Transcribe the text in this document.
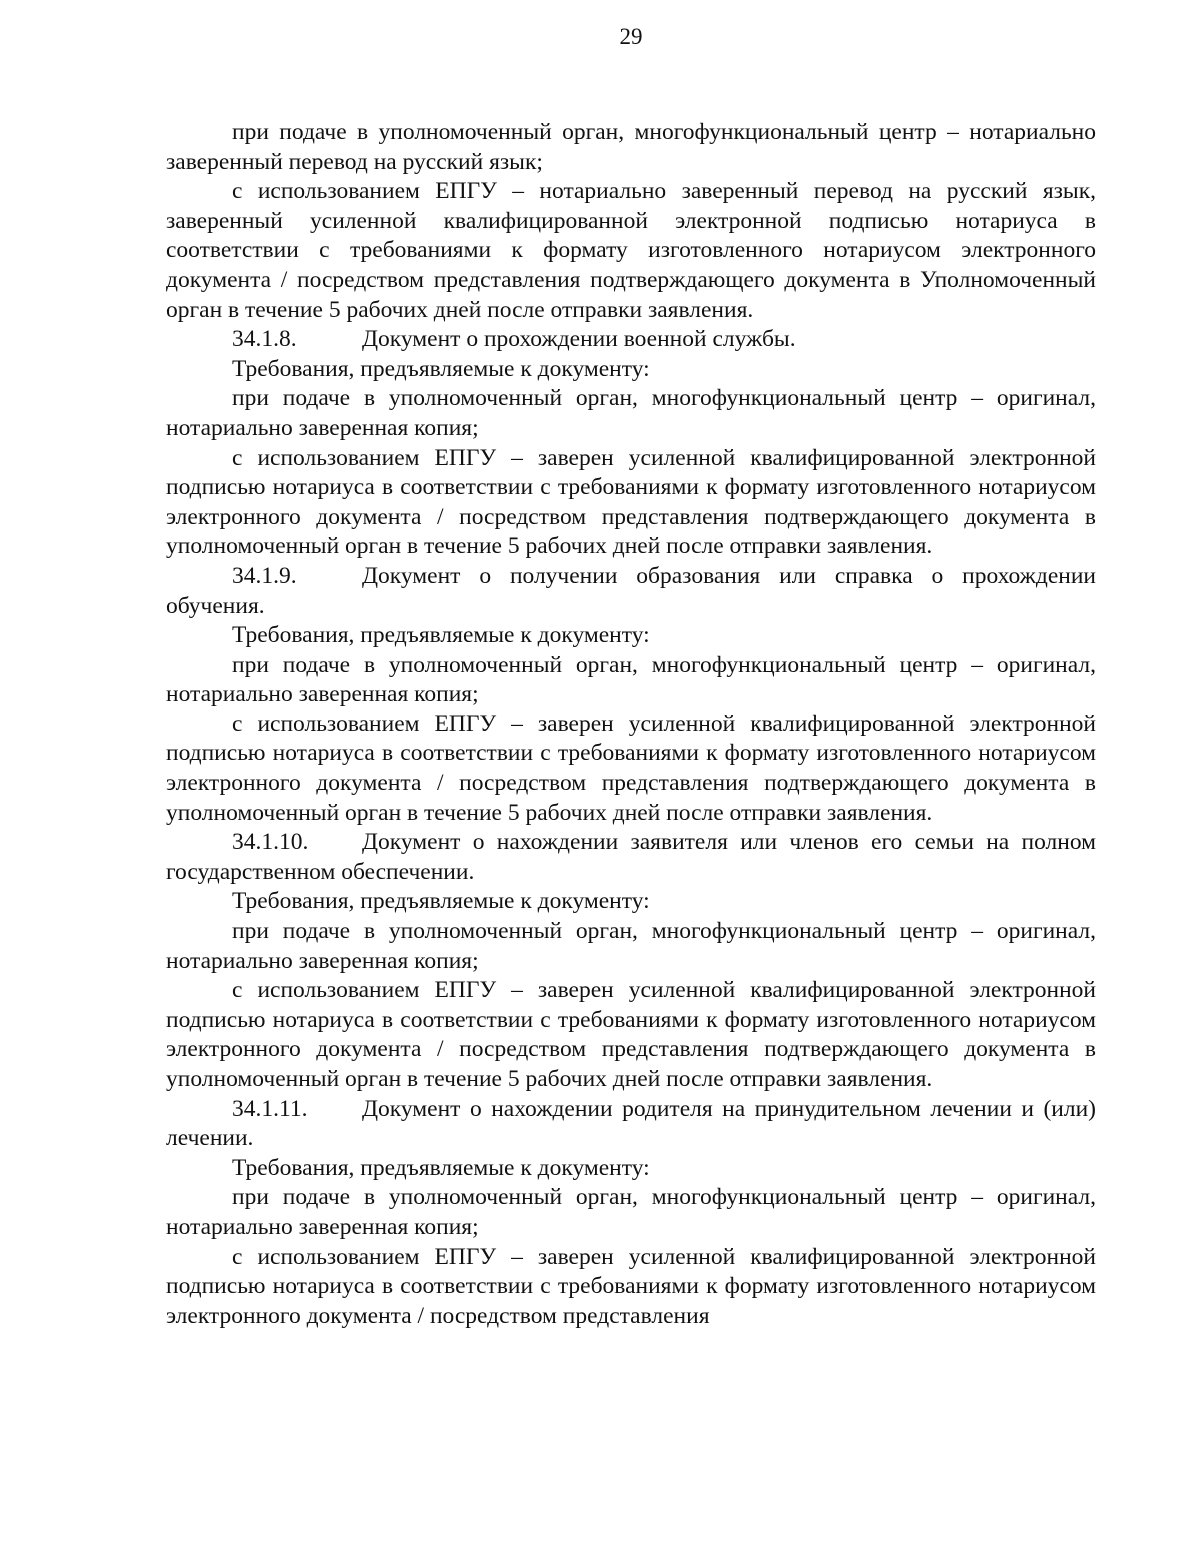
29

при подаче в уполномоченный орган, многофункциональный центр – нотариально заверенный перевод на русский язык;

с использованием ЕПГУ – нотариально заверенный перевод на русский язык, заверенный усиленной квалифицированной электронной подписью нотариуса в соответствии с требованиями к формату изготовленного нотариусом электронного документа / посредством представления подтверждающего документа в Уполномоченный орган в течение 5 рабочих дней после отправки заявления.

34.1.8.	Документ о прохождении военной службы.

Требования, предъявляемые к документу:

при подаче в уполномоченный орган, многофункциональный центр – оригинал, нотариально заверенная копия;

с использованием ЕПГУ – заверен усиленной квалифицированной электронной подписью нотариуса в соответствии с требованиями к формату изготовленного нотариусом электронного документа / посредством представления подтверждающего документа в уполномоченный орган в течение 5 рабочих дней после отправки заявления.

34.1.9.	Документ о получении образования или справка о прохождении обучения.

Требования, предъявляемые к документу:

при подаче в уполномоченный орган, многофункциональный центр – оригинал, нотариально заверенная копия;

с использованием ЕПГУ – заверен усиленной квалифицированной электронной подписью нотариуса в соответствии с требованиями к формату изготовленного нотариусом электронного документа / посредством представления подтверждающего документа в уполномоченный орган в течение 5 рабочих дней после отправки заявления.

34.1.10. Документ о нахождении заявителя или членов его семьи на полном государственном обеспечении.

Требования, предъявляемые к документу:

при подаче в уполномоченный орган, многофункциональный центр – оригинал, нотариально заверенная копия;

с использованием ЕПГУ – заверен усиленной квалифицированной электронной подписью нотариуса в соответствии с требованиями к формату изготовленного нотариусом электронного документа / посредством представления подтверждающего документа в уполномоченный орган в течение 5 рабочих дней после отправки заявления.

34.1.11. Документ о нахождении родителя на принудительном лечении и (или) лечении.

Требования, предъявляемые к документу:

при подаче в уполномоченный орган, многофункциональный центр – оригинал, нотариально заверенная копия;

с использованием ЕПГУ – заверен усиленной квалифицированной электронной подписью нотариуса в соответствии с требованиями к формату изготовленного нотариусом электронного документа / посредством представления
